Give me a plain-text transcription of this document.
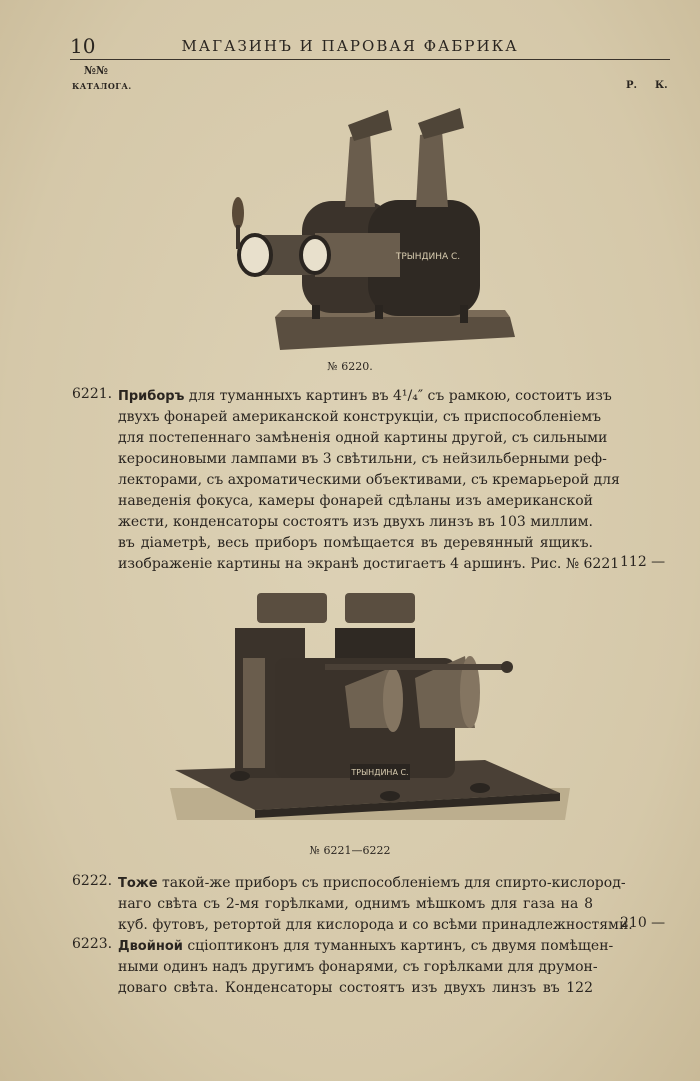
10	МАГАЗИНЪ И ПАРОВАЯ ФАБРИКА
№№
КАТАЛОГА.	Р. К.
ТРЫНДИНА С.
№ 6220.
6221. Приборъ для туманныхъ картинъ въ 4¹/₄″ съ рамкою, состоитъ изъ
двухъ фонарей американской конструкціи, съ приспособленіемъ
для постепеннаго замѣненія одной картины другой, съ сильными
керосиновыми лампами въ 3 свѣтильни, съ нейзильберными реф-
лекторами, съ ахроматическими объективами, съ кремарьерой для
наведенія фокуса, камеры фонарей сдѣланы изъ американской
жести, конденсаторы состоятъ изъ двухъ линзъ въ 103 миллим.
въ діаметрѣ, весь приборъ помѣщается въ деревянный ящикъ.
изображеніе картины на экранѣ достигаетъ 4 аршинъ. Рис. № 6221 112 —
ТРЫНДИНА С.
№ 6221—6222
6222. Тоже такой-же приборъ съ приспособленіемъ для спирто-кислород-
наго свѣта съ 2-мя горѣлками, однимъ мѣшкомъ для газа на 8
куб. футовъ, ретортой для кислорода и со всѣми принадлежностями.
210 —
6223. Двойной сціоптиконъ для туманныхъ картинъ, съ двумя помѣщен-
ными одинъ надъ другимъ фонарями, съ горѣлками для друмон-
доваго свѣта. Конденсаторы состоятъ изъ двухъ линзъ въ 122
